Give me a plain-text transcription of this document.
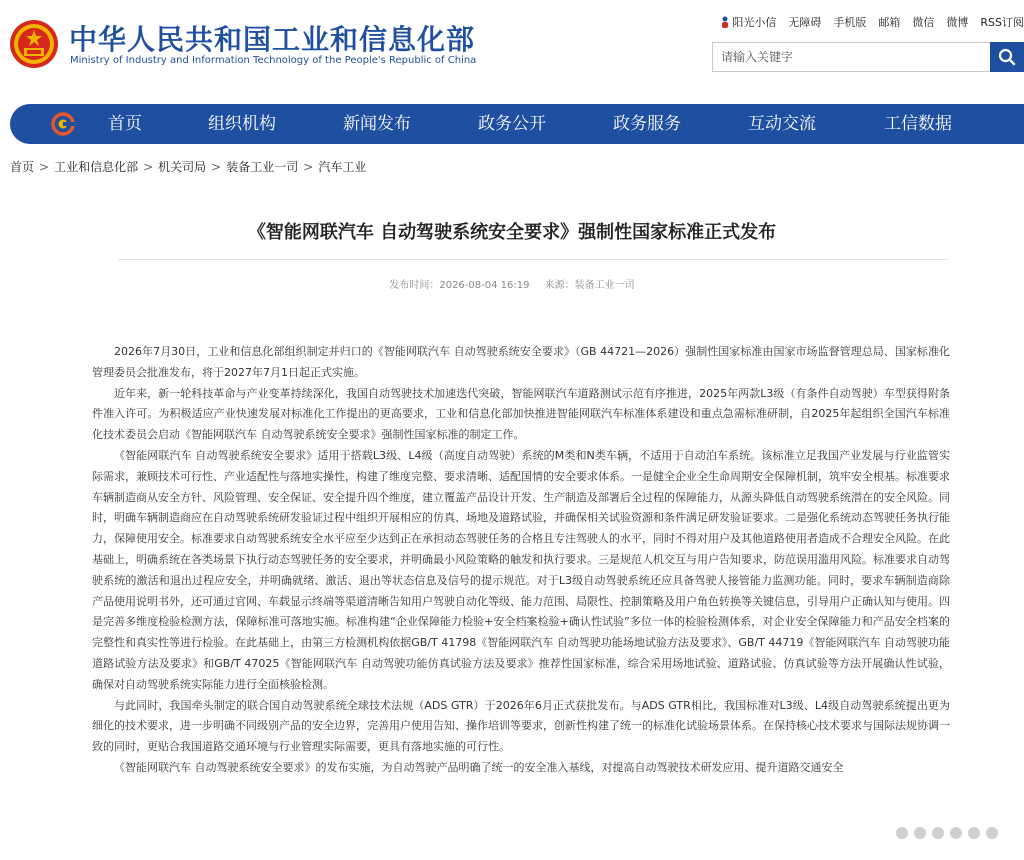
中华人民共和国工业和信息化部
Ministry of Industry and Information Technology of the People's Republic of China
阳光小信 无障碍 手机版 邮箱 微信 微博 RSS订阅
请输入关键字
首页	组织机构	新闻发布	政务公开	政务服务	互动交流	工信数据
首页 > 工业和信息化部 > 机关司局 > 装备工业一司 > 汽车工业
《智能网联汽车 自动驾驶系统安全要求》强制性国家标准正式发布
发布时间：2026-08-04 16:19 来源：装备工业一司

2026年7月30日，工业和信息化部组织制定并归口的《智能网联汽车 自动驾驶系统安全要求》（GB 44721—2026）强制性国家标准由国家市场监督管理总局、国家标准化管理委员会批准发布，将于2027年7月1日起正式实施。

近年来，新一轮科技革命与产业变革持续深化，我国自动驾驶技术加速迭代突破，智能网联汽车道路测试示范有序推进，2025年两款L3级（有条件自动驾驶）车型获得附条件准入许可。为积极适应产业快速发展对标准化工作提出的更高要求，工业和信息化部加快推进智能网联汽车标准体系建设和重点急需标准研制，自2025年起组织全国汽车标准化技术委员会启动《智能网联汽车 自动驾驶系统安全要求》强制性国家标准的制定工作。

《智能网联汽车 自动驾驶系统安全要求》适用于搭载L3级、L4级（高度自动驾驶）系统的M类和N类车辆，不适用于自动泊车系统。该标准立足我国产业发展与行业监管实际需求，兼顾技术可行性、产业适配性与落地实操性，构建了维度完整、要求清晰、适配国情的安全要求体系。一是健全企业全生命周期安全保障机制，筑牢安全根基。标准要求车辆制造商从安全方针、风险管理、安全保证、安全提升四个维度，建立覆盖产品设计开发、生产制造及部署后全过程的保障能力，从源头降低自动驾驶系统潜在的安全风险。同时，明确车辆制造商应在自动驾驶系统研发验证过程中组织开展相应的仿真、场地及道路试验，并确保相关试验资源和条件满足研发验证要求。二是强化系统动态驾驶任务执行能力，保障使用安全。标准要求自动驾驶系统安全水平应至少达到正在承担动态驾驶任务的合格且专注驾驶人的水平，同时不得对用户及其他道路使用者造成不合理安全风险。在此基础上，明确系统在各类场景下执行动态驾驶任务的安全要求，并明确最小风险策略的触发和执行要求。三是规范人机交互与用户告知要求，防范误用滥用风险。标准要求自动驾驶系统的激活和退出过程应安全，并明确就绪、激活、退出等状态信息及信号的提示规范。对于L3级自动驾驶系统还应具备驾驶人接管能力监测功能。同时，要求车辆制造商除产品使用说明书外，还可通过官网、车载显示终端等渠道清晰告知用户驾驶自动化等级、能力范围、局限性、控制策略及用户角色转换等关键信息，引导用户正确认知与使用。四是完善多维度检验检测方法，保障标准可落地实施。标准构建“企业保障能力检验+安全档案检验+确认性试验”多位一体的检验检测体系，对企业安全保障能力和产品安全档案的完整性和真实性等进行检验。在此基础上，由第三方检测机构依据GB/T 41798《智能网联汽车 自动驾驶功能场地试验方法及要求》、GB/T 44719《智能网联汽车 自动驾驶功能道路试验方法及要求》和GB/T 47025《智能网联汽车 自动驾驶功能仿真试验方法及要求》推荐性国家标准，综合采用场地试验、道路试验、仿真试验等方法开展确认性试验，确保对自动驾驶系统实际能力进行全面核验检测。

与此同时，我国牵头制定的联合国自动驾驶系统全球技术法规（ADS GTR）于2026年6月正式获批发布。与ADS GTR相比，我国标准对L3级、L4级自动驾驶系统提出更为细化的技术要求，进一步明确不同级别产品的安全边界，完善用户使用告知、操作培训等要求，创新性构建了统一的标准化试验场景体系。在保持核心技术要求与国际法规协调一致的同时，更贴合我国道路交通环境与行业管理实际需要，更具有落地实施的可行性。

《智能网联汽车 自动驾驶系统安全要求》的发布实施，为自动驾驶产品明确了统一的安全准入基线，对提高自动驾驶技术研发应用、提升道路交通安全
